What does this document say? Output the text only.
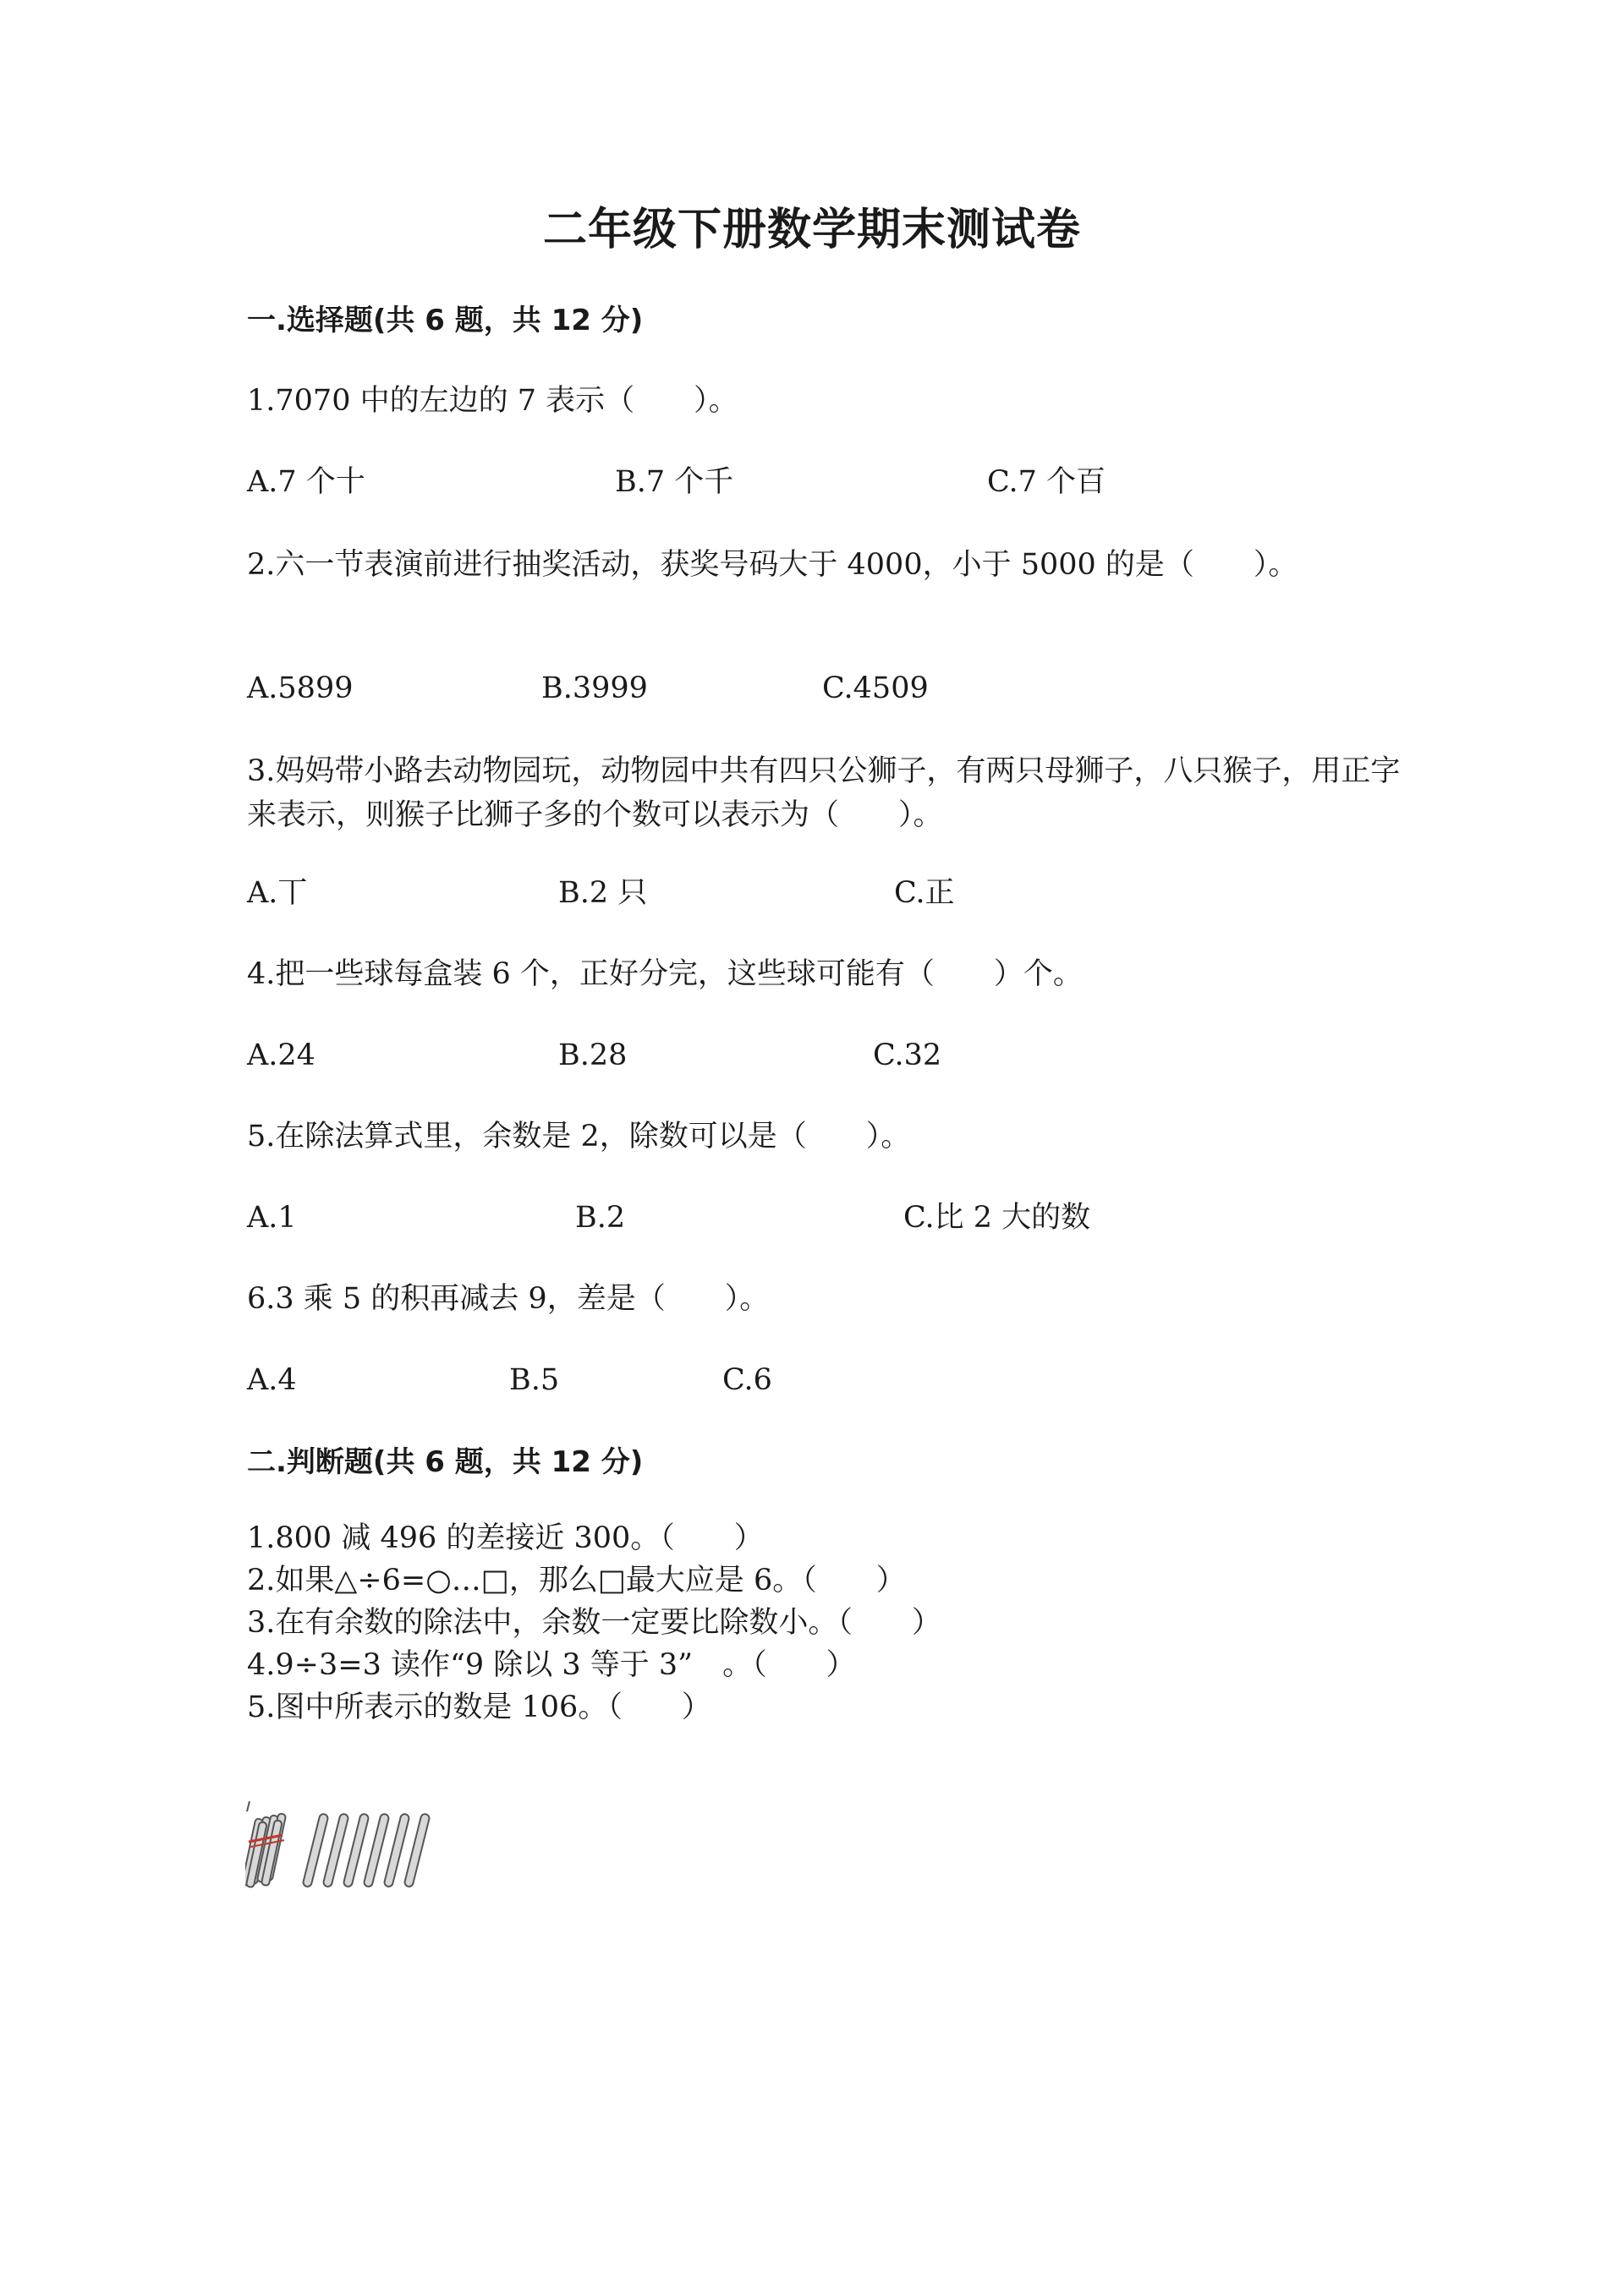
二年级下册数学期末测试卷
一.选择题(共 6 题，共 12 分)
1.7070 中的左边的 7 表示（　　）。
A.7 个十	B.7 个千	C.7 个百
2.六一节表演前进行抽奖活动，获奖号码大于 4000，小于 5000 的是（　　）。
A.5899	B.3999	C.4509
3.妈妈带小路去动物园玩，动物园中共有四只公狮子，有两只母狮子，八只猴子，用正字来表示，则猴子比狮子多的个数可以表示为（　　）。
A.丅	B.2 只	C.正
4.把一些球每盒装 6 个，正好分完，这些球可能有（　　）个。
A.24	B.28	C.32
5.在除法算式里，余数是 2，除数可以是（　　）。
A.1	B.2	C.比 2 大的数
6.3 乘 5 的积再减去 9，差是（　　）。
A.4	B.5	C.6
二.判断题(共 6 题，共 12 分)
1.800 减 496 的差接近 300。（　　）
2.如果△÷6=○…□，那么□最大应是 6。（　　）
3.在有余数的除法中，余数一定要比除数小。（　　）
4.9÷3=3 读作“9 除以 3 等于 3”　。（　　）
5.图中所表示的数是 106。（　　）
